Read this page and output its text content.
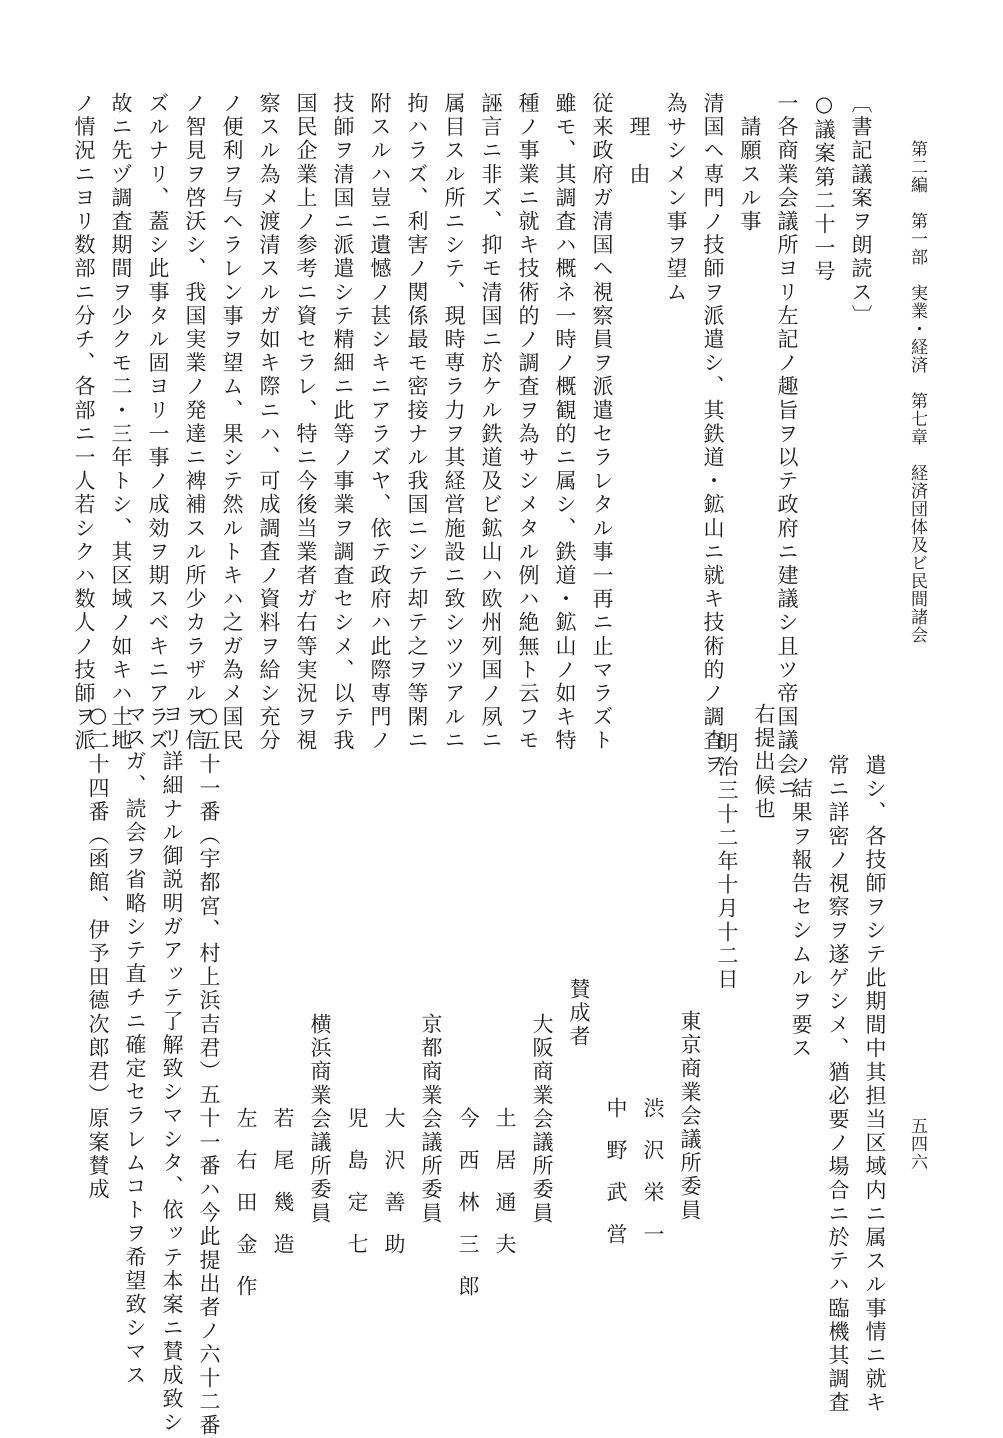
第二編　第一部　実業・経済　第七章　経済団体及ビ民間諸会
五四六
〔書記議案ヲ朗読ス〕
○議案第二十一号
一各商業会議所ヨリ左記ノ趣旨ヲ以テ政府ニ建議シ且ツ帝国議会ニ
　請願スル事
清国ヘ専門ノ技師ヲ派遣シ、其鉄道・鉱山ニ就キ技術的ノ調査ヲ
為サシメン事ヲ望ム
　理　由
従来政府ガ清国ヘ視察員ヲ派遣セラレタル事一再ニ止マラズト
雖モ、其調査ハ概ネ一時ノ概観的ニ属シ、鉄道・鉱山ノ如キ特
種ノ事業ニ就キ技術的ノ調査ヲ為サシメタル例ハ絶無ト云フモ
誣言ニ非ズ、抑モ清国ニ於ケル鉄道及ビ鉱山ハ欧州列国ノ夙ニ
属目スル所ニシテ、現時専ラ力ヲ其経営施設ニ致シツツアルニ
拘ハラズ、利害ノ関係最モ密接ナル我国ニシテ却テ之ヲ等閑ニ
附スルハ豈ニ遺憾ノ甚シキニアラズヤ、依テ政府ハ此際専門ノ
技師ヲ清国ニ派遣シテ精細ニ此等ノ事業ヲ調査セシメ、以テ我
国民企業上ノ参考ニ資セラレ、特ニ今後当業者ガ右等実況ヲ視
察スル為メ渡清スルガ如キ際ニハ、可成調査ノ資料ヲ給シ充分
ノ便利ヲ与ヘラレン事ヲ望ム、果シテ然ルトキハ之ガ為メ国民
ノ智見ヲ啓沃シ、我国実業ノ発達ニ裨補スル所少カラザルヲ信
ズルナリ、蓋シ此事タル固ヨリ一事ノ成効ヲ期スベキニアラズ
故ニ先ヅ調査期間ヲ少クモ二・三年トシ、其区域ノ如キハ土地
ノ情況ニヨリ数部ニ分チ、各部ニ一人若シクハ数人ノ技師ヲ派
遣シ、各技師ヲシテ此期間中其担当区域内ニ属スル事情ニ就キ
常ニ詳密ノ視察ヲ遂ゲシメ、猶必要ノ場合ニ於テハ臨機其調査
ノ結果ヲ報告セシムルヲ要ス
右提出候也
明治三十二年十月十二日
東京商業会議所委員
渋　沢　栄　一
中　野　武　営
賛成者
大阪商業会議所委員
土　居　通　夫
今　西　林　三　郎
京都商業会議所委員
大　沢　善　助
児　島　定　七
横浜商業会議所委員
若　尾　幾　造
左　右　田　金　作
○五十一番（宇都宮、村上浜吉君）五十一番ハ今此提出者ノ六十二番
ヨリ詳細ナル御説明ガアッテ了解致シマシタ、依ッテ本案ニ賛成致シ
マスガ、読会ヲ省略シテ直チニ確定セラレムコトヲ希望致シマス
○二十四番（函館、伊予田德次郎君）原案賛成
